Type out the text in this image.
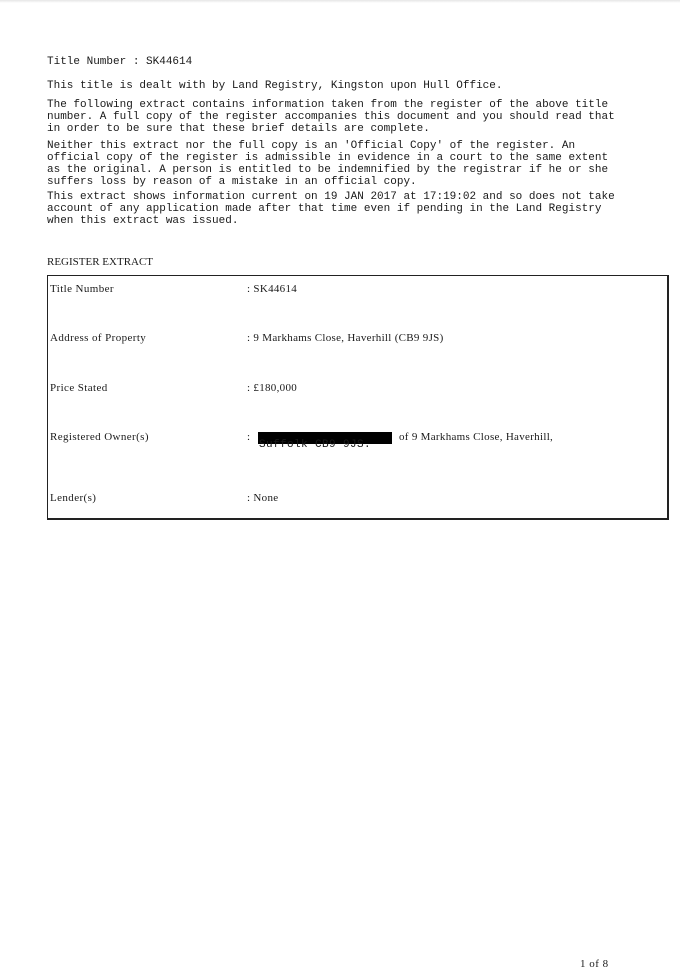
Title Number : SK44614
This title is dealt with by Land Registry, Kingston upon Hull Office.
The following extract contains information taken from the register of the above title
number. A full copy of the register accompanies this document and you should read that
in order to be sure that these brief details are complete.
Neither this extract nor the full copy is an 'Official Copy' of the register. An
official copy of the register is admissible in evidence in a court to the same extent
as the original. A person is entitled to be indemnified by the registrar if he or she
suffers loss by reason of a mistake in an official copy.
This extract shows information current on 19 JAN 2017 at 17:19:02 and so does not take
account of any application made after that time even if pending in the Land Registry
when this extract was issued.
REGISTER EXTRACT
Title Number	: SK44614
Address of Property	: 9 Markhams Close, Haverhill (CB9 9JS)
Price Stated	: £180,000
Registered Owner(s)	:	of 9 Markhams Close, Haverhill,
Suffolk CB9 9JS.
Lender(s)	: None
1 of 8
